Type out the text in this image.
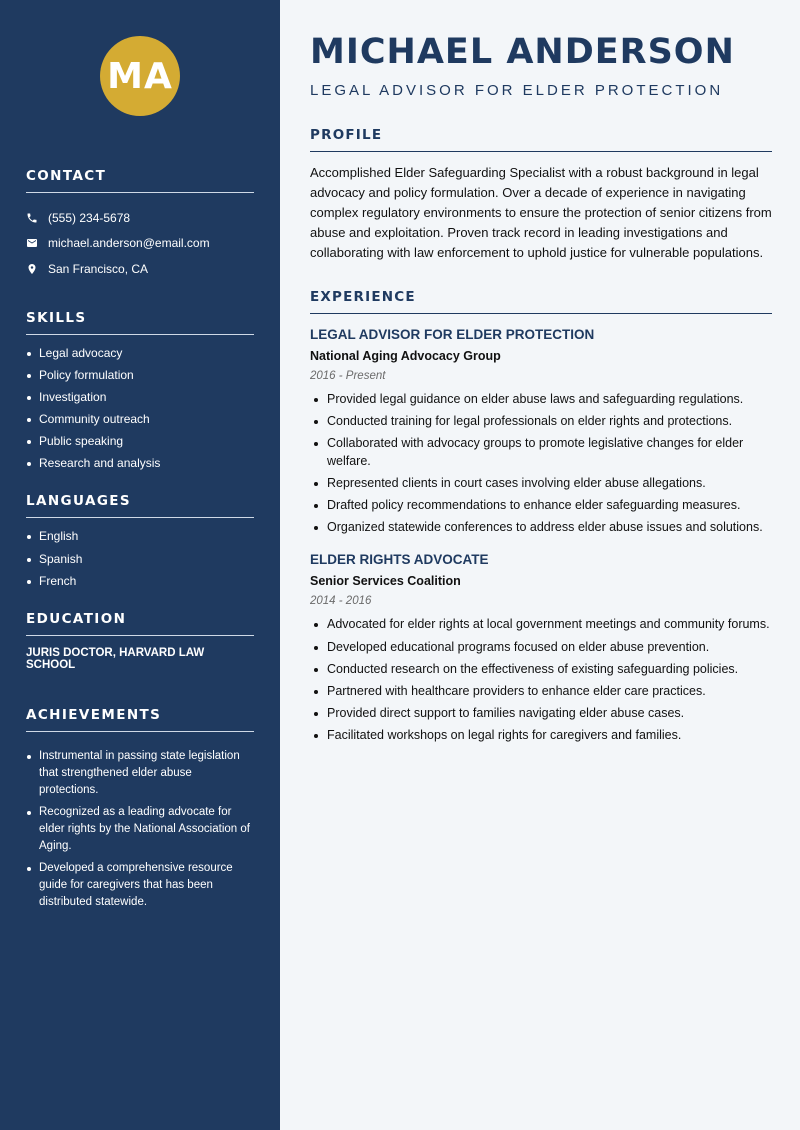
MA
CONTACT
(555) 234-5678
michael.anderson@email.com
San Francisco, CA
SKILLS
Legal advocacy
Policy formulation
Investigation
Community outreach
Public speaking
Research and analysis
LANGUAGES
English
Spanish
French
EDUCATION
JURIS DOCTOR, HARVARD LAW SCHOOL
ACHIEVEMENTS
Instrumental in passing state legislation that strengthened elder abuse protections.
Recognized as a leading advocate for elder rights by the National Association of Aging.
Developed a comprehensive resource guide for caregivers that has been distributed statewide.
MICHAEL ANDERSON
LEGAL ADVISOR FOR ELDER PROTECTION
PROFILE

Accomplished Elder Safeguarding Specialist with a robust background in legal advocacy and policy formulation. Over a decade of experience in navigating complex regulatory environments to ensure the protection of senior citizens from abuse and exploitation. Proven track record in leading investigations and collaborating with law enforcement to uphold justice for vulnerable populations.

EXPERIENCE
LEGAL ADVISOR FOR ELDER PROTECTION
National Aging Advocacy Group
2016 - Present
Provided legal guidance on elder abuse laws and safeguarding regulations.
Conducted training for legal professionals on elder rights and protections.
Collaborated with advocacy groups to promote legislative changes for elder welfare.
Represented clients in court cases involving elder abuse allegations.
Drafted policy recommendations to enhance elder safeguarding measures.
Organized statewide conferences to address elder abuse issues and solutions.
ELDER RIGHTS ADVOCATE
Senior Services Coalition
2014 - 2016
Advocated for elder rights at local government meetings and community forums.
Developed educational programs focused on elder abuse prevention.
Conducted research on the effectiveness of existing safeguarding policies.
Partnered with healthcare providers to enhance elder care practices.
Provided direct support to families navigating elder abuse cases.
Facilitated workshops on legal rights for caregivers and families.
